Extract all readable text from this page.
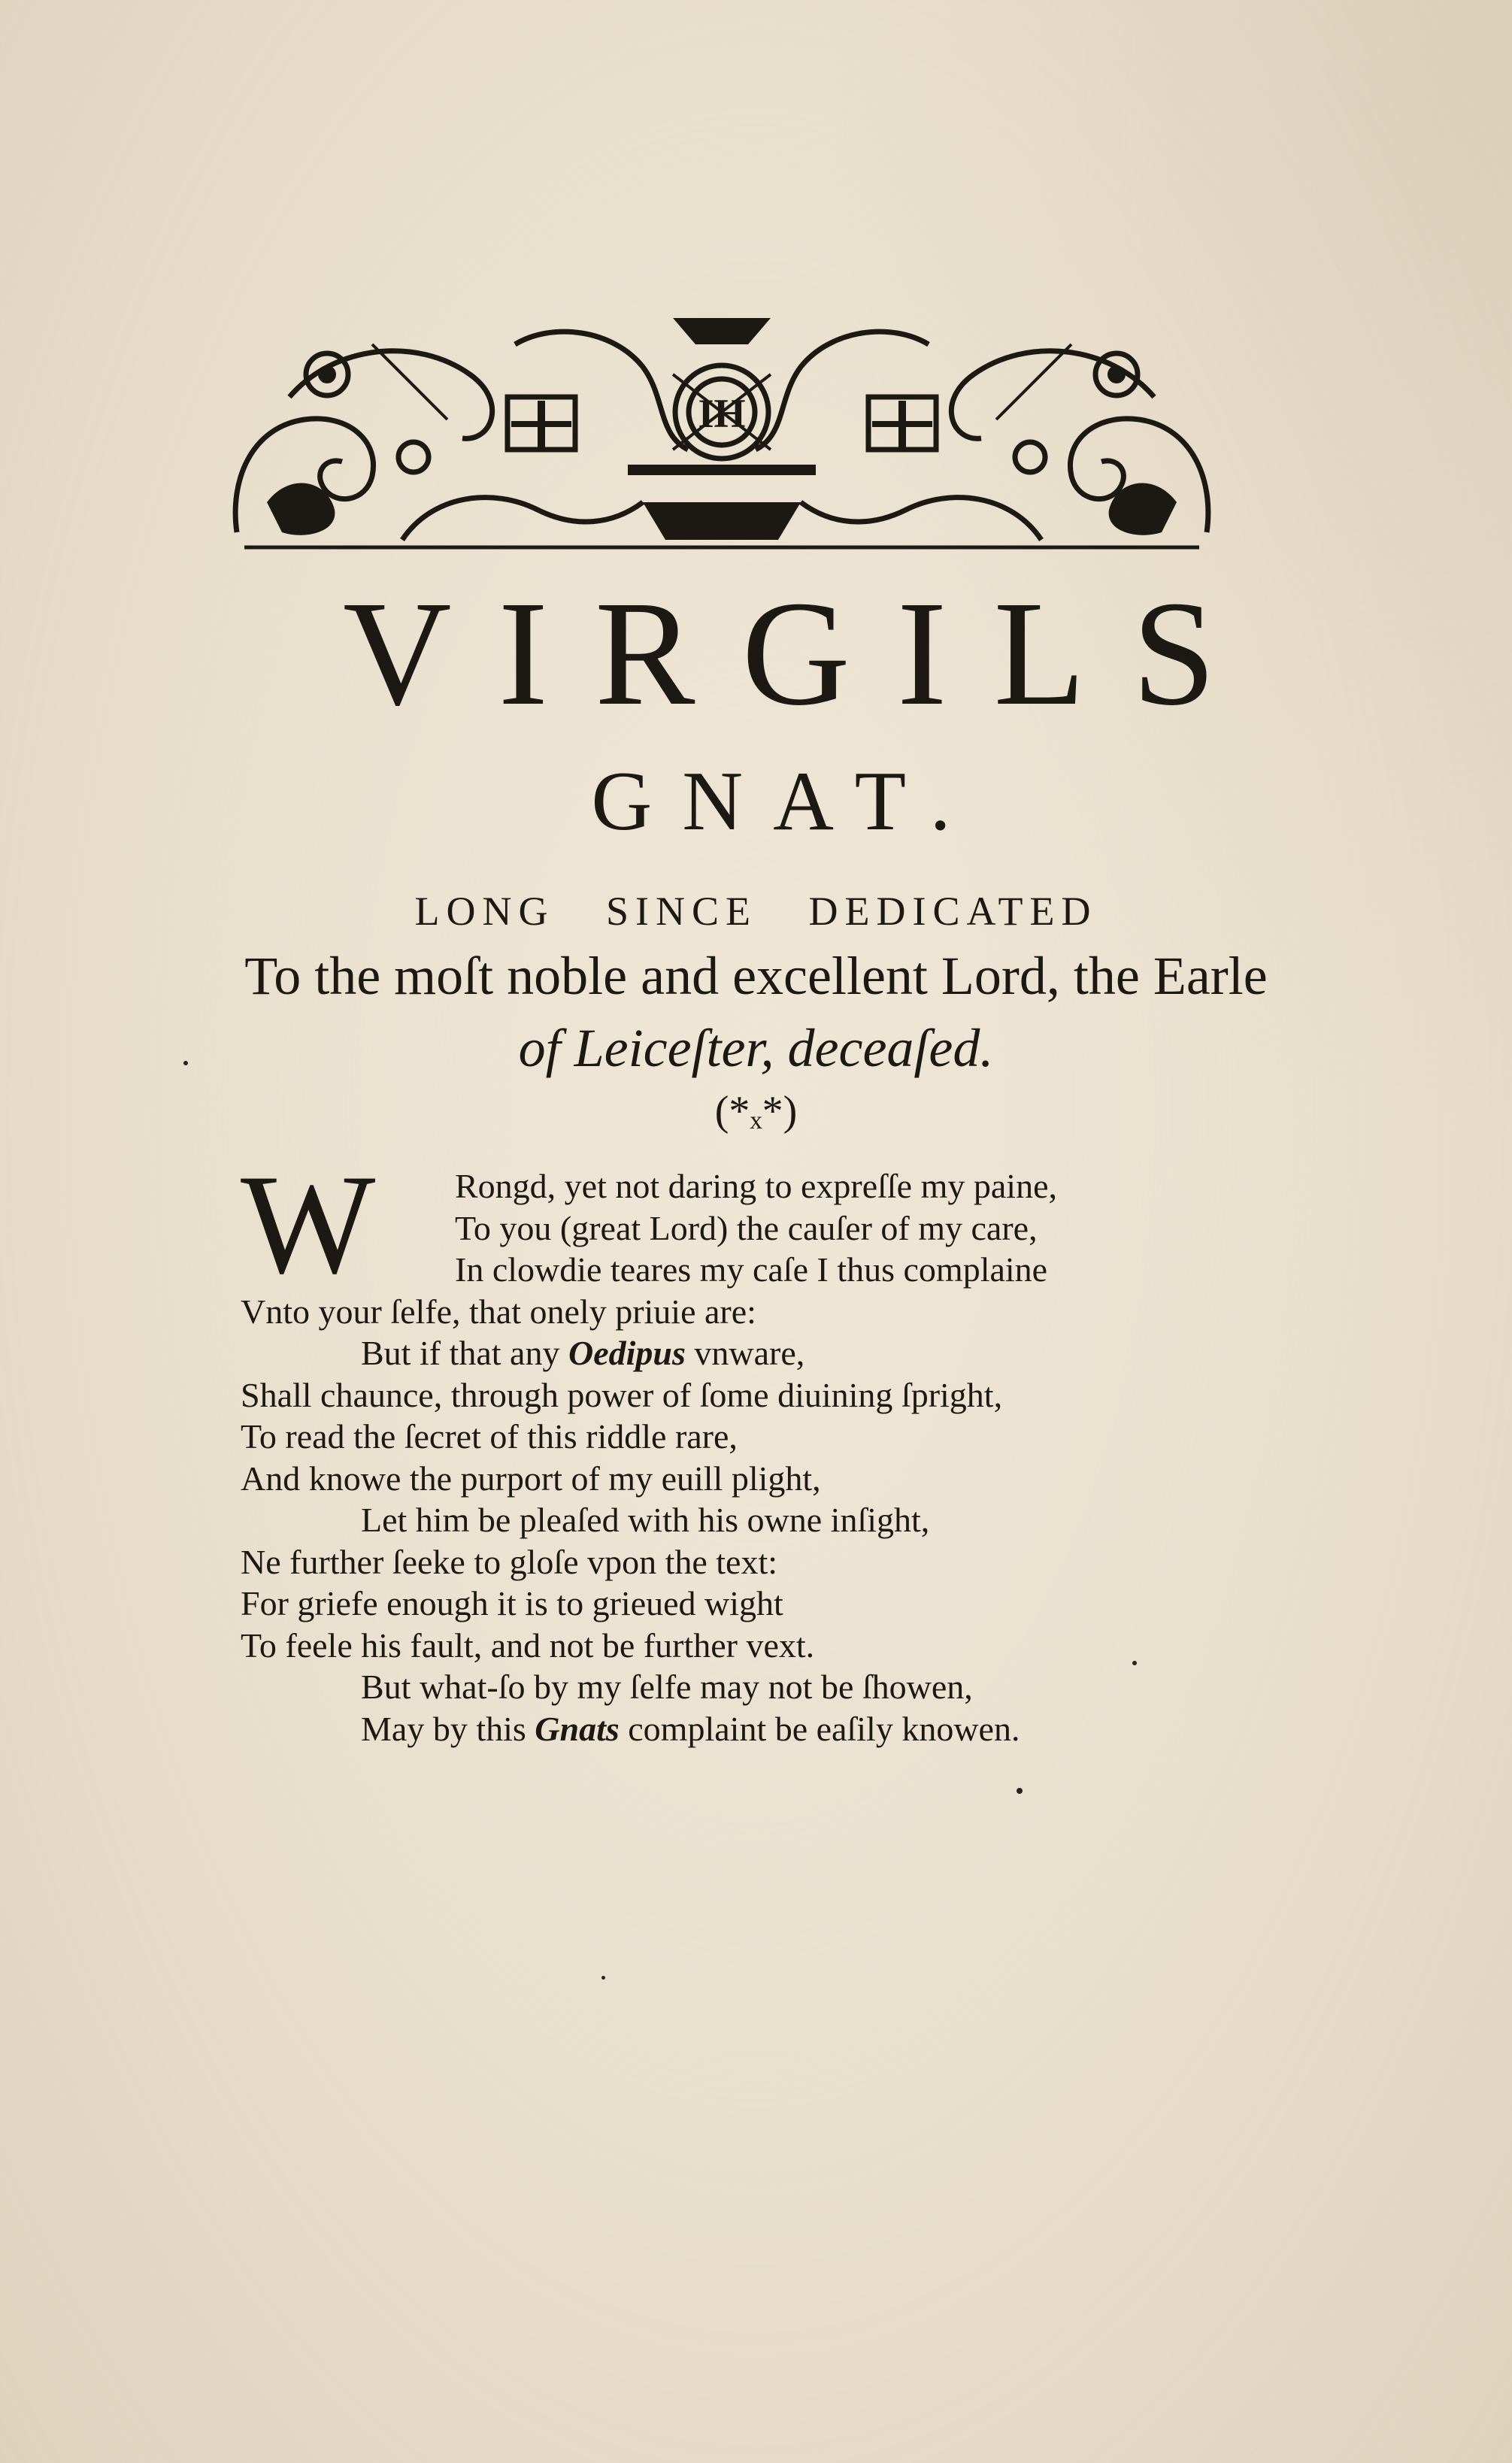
IH
VIRGILS
GNAT.
LONG SINCE DEDICATED
To the moſt noble and excellent Lord, the Earle
of Leiceſter, deceaſed.
(*ₓ*)
W	Rongd, yet not daring to expreſſe my paine,
To you (great Lord) the cauſer of my care,
In clowdie teares my caſe I thus complaine
Vnto your ſelfe, that onely priuie are:
But if that any Oedipus vnware,
Shall chaunce, through power of ſome diuining ſpright,
To read the ſecret of this riddle rare,
And knowe the purport of my euill plight,
Let him be pleaſed with his owne inſight,
Ne further ſeeke to gloſe vpon the text:
For griefe enough it is to grieued wight
To feele his fault, and not be further vext.
But what-ſo by my ſelfe may not be ſhowen,
May by this Gnats complaint be eaſily knowen.
